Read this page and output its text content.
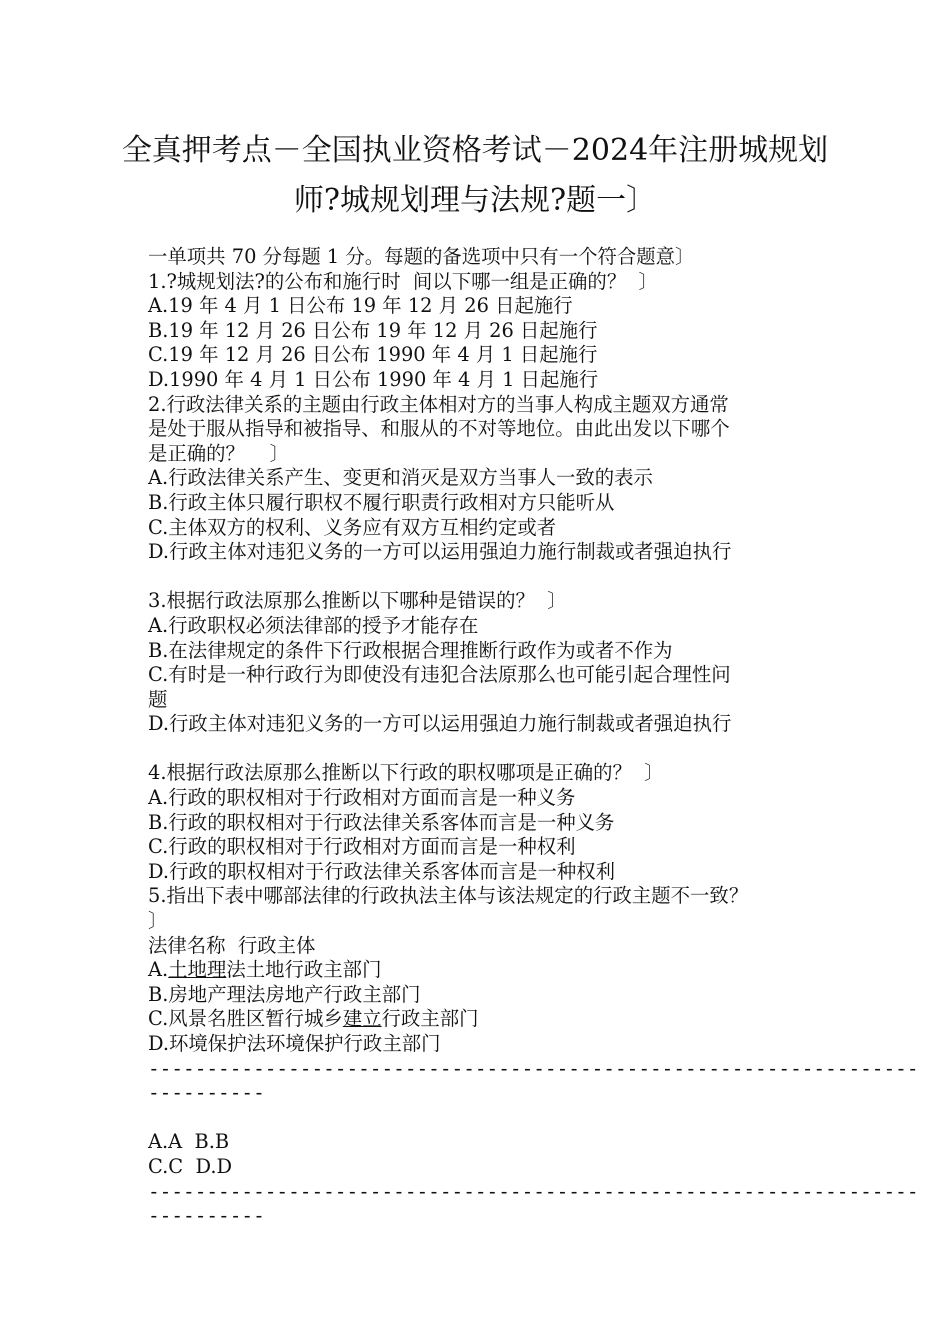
全真押考点－全国执业资格考试－2024年注册城规划
师?城规划理与法规?题一〕
一单项共 70 分每题 1 分。每题的备选项中只有一个符合题意〕
1.?城规划法?的公布和施行时  间以下哪一组是正确的？  〕
A.19 年 4 月 1 日公布 19 年 12 月 26 日起施行
B.19 年 12 月 26 日公布 19 年 12 月 26 日起施行
C.19 年 12 月 26 日公布 1990 年 4 月 1 日起施行
D.1990 年 4 月 1 日公布 1990 年 4 月 1 日起施行
2.行政法律关系的主题由行政主体相对方的当事人构成主题双方通常
是处于服从指导和被指导、和服从的不对等地位。由此出发以下哪个
是正确的？    〕
A.行政法律关系产生、变更和消灭是双方当事人一致的表示
B.行政主体只履行职权不履行职责行政相对方只能听从
C.主体双方的权利、义务应有双方互相约定或者
D.行政主体对违犯义务的一方可以运用强迫力施行制裁或者强迫执行
3.根据行政法原那么推断以下哪种是错误的？  〕
A.行政职权必须法律部的授予才能存在
B.在法律规定的条件下行政根据合理推断行政作为或者不作为
C.有时是一种行政行为即使没有违犯合法原那么也可能引起合理性问
题
D.行政主体对违犯义务的一方可以运用强迫力施行制裁或者强迫执行
4.根据行政法原那么推断以下行政的职权哪项是正确的？  〕
A.行政的职权相对于行政相对方面而言是一种义务
B.行政的职权相对于行政法律关系客体而言是一种义务
C.行政的职权相对于行政相对方面而言是一种权利
D.行政的职权相对于行政法律关系客体而言是一种权利
5.指出下表中哪部法律的行政执法主体与该法规定的行政主题不一致？
〕
法律名称  行政主体
A.土地理法土地行政主部门
B.房地产理法房地产行政主部门
C.风景名胜区暂行城乡建立行政主部门
D.环境保护法环境保护行政主部门
------------------------------------------------------------------
----------
A.A  B.B
C.C  D.D
------------------------------------------------------------------
----------
